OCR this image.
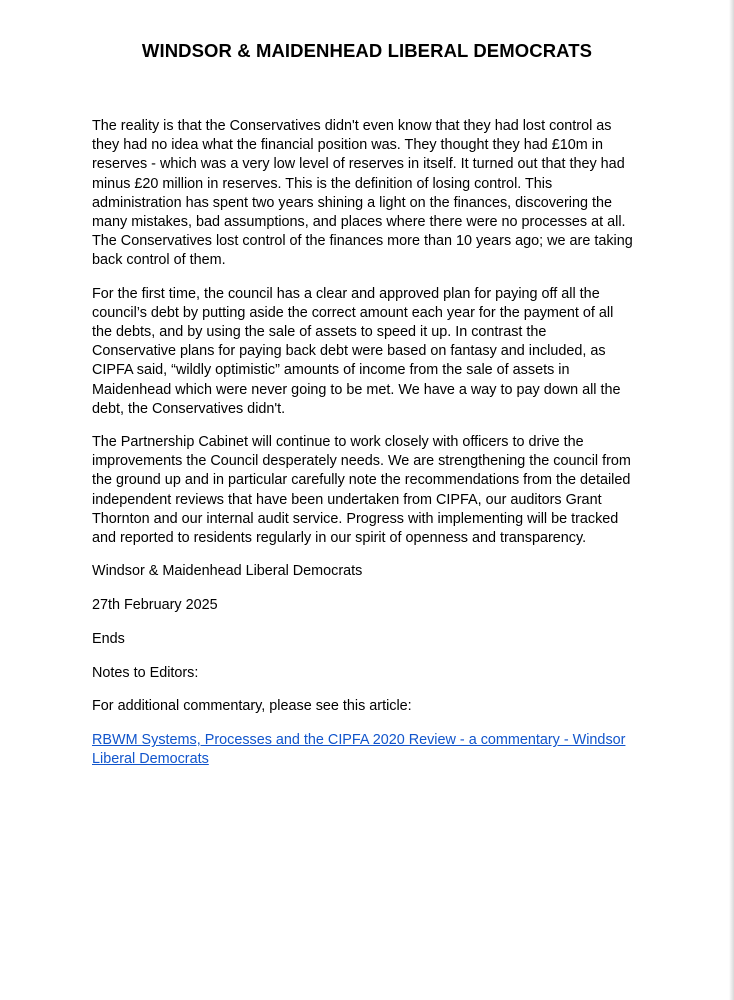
WINDSOR & MAIDENHEAD LIBERAL DEMOCRATS

The reality is that the Conservatives didn't even know that they had lost control as
they had no idea what the financial position was. They thought they had £10m in
reserves - which was a very low level of reserves in itself. It turned out that they had
minus £20 million in reserves. This is the definition of losing control. This
administration has spent two years shining a light on the finances, discovering the
many mistakes, bad assumptions, and places where there were no processes at all.
The Conservatives lost control of the finances more than 10 years ago; we are taking
back control of them.

For the first time, the council has a clear and approved plan for paying off all the
council’s debt by putting aside the correct amount each year for the payment of all
the debts, and by using the sale of assets to speed it up. In contrast the
Conservative plans for paying back debt were based on fantasy and included, as
CIPFA said, “wildly optimistic” amounts of income from the sale of assets in
Maidenhead which were never going to be met. We have a way to pay down all the
debt, the Conservatives didn't.

The Partnership Cabinet will continue to work closely with officers to drive the
improvements the Council desperately needs. We are strengthening the council from
the ground up and in particular carefully note the recommendations from the detailed
independent reviews that have been undertaken from CIPFA, our auditors Grant
Thornton and our internal audit service. Progress with implementing will be tracked
and reported to residents regularly in our spirit of openness and transparency.

Windsor & Maidenhead Liberal Democrats

27th February 2025

Ends

Notes to Editors:

For additional commentary, please see this article:

RBWM Systems, Processes and the CIPFA 2020 Review - a commentary - Windsor
Liberal Democrats
